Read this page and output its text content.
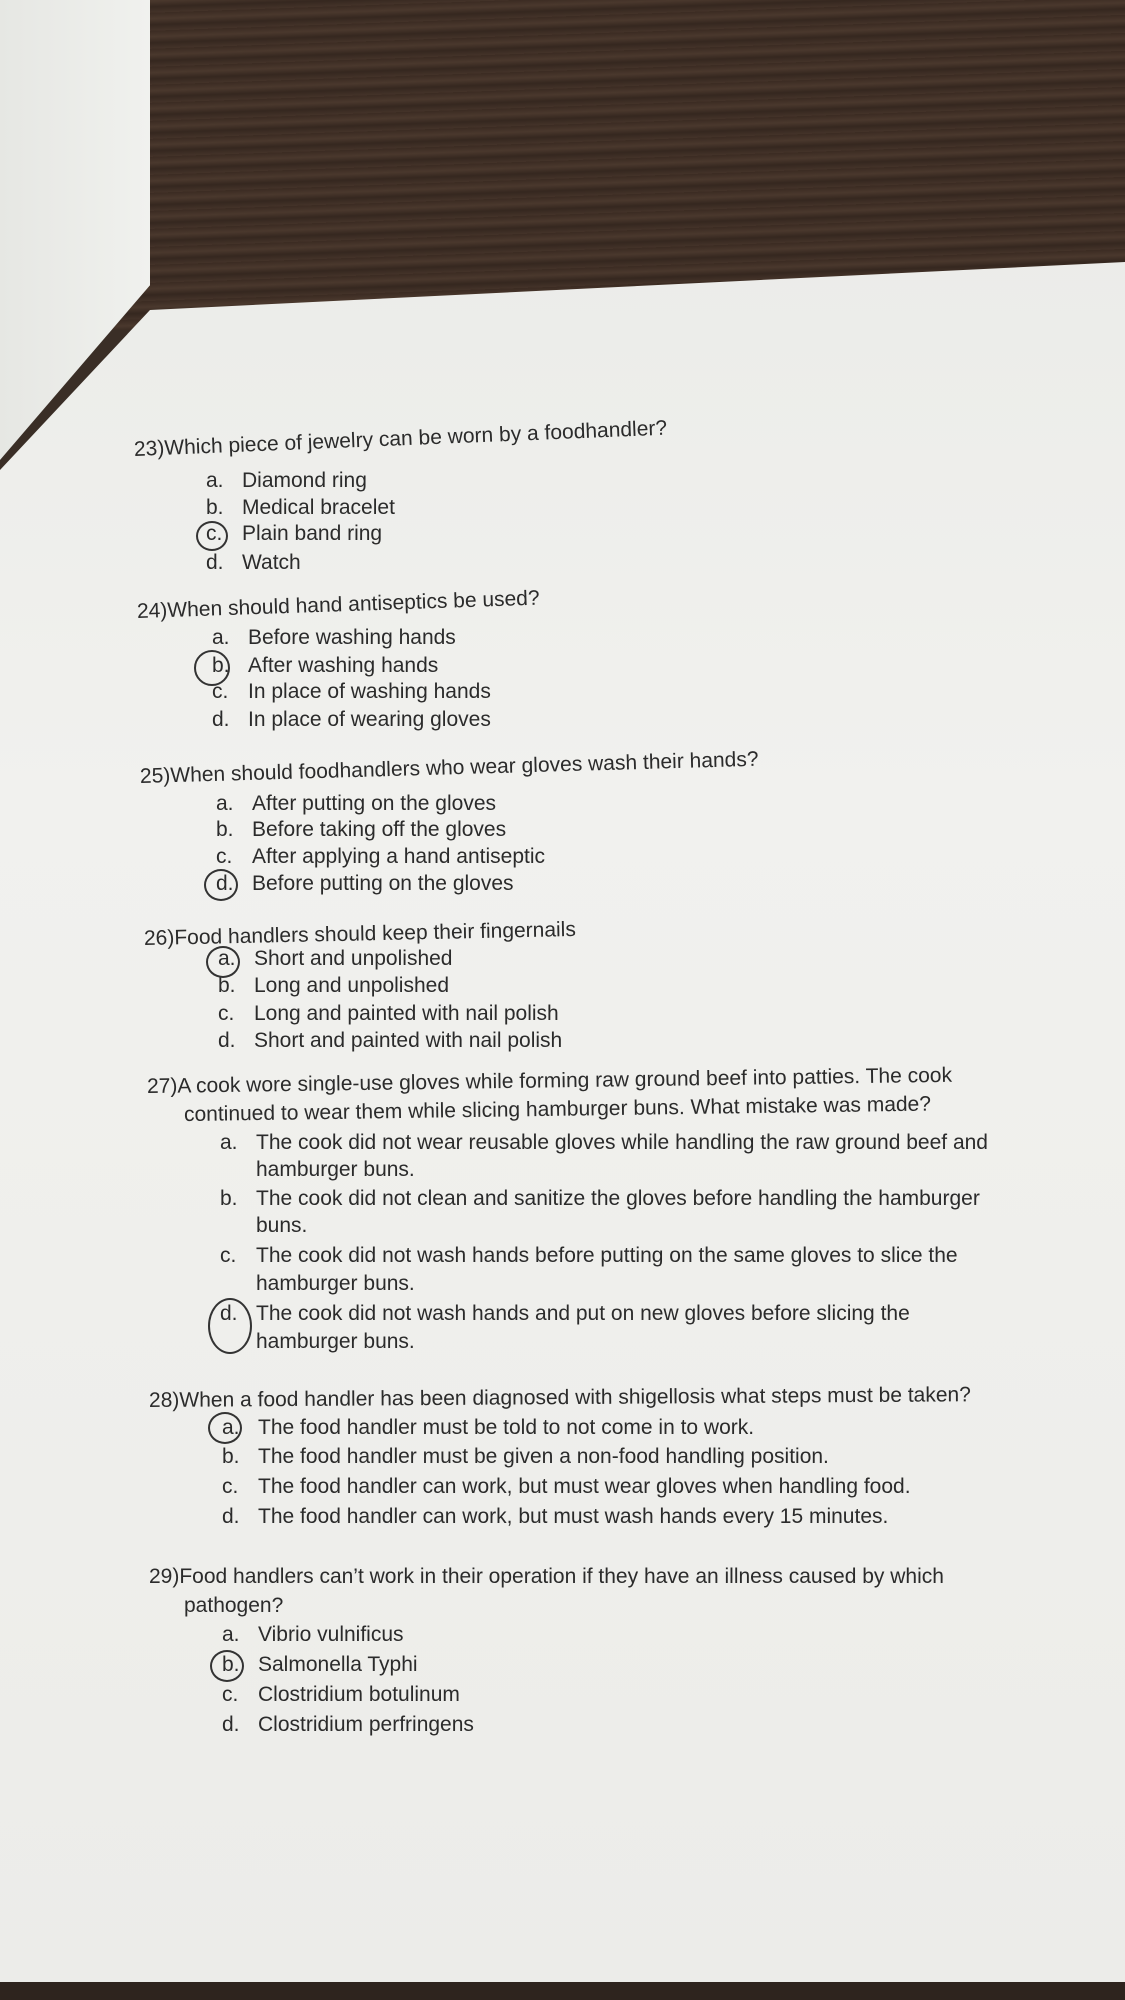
23)Which piece of jewelry can be worn by a foodhandler?
a. Diamond ring
b. Medical bracelet
c. Plain band ring
d. Watch
24)When should hand antiseptics be used?
a. Before washing hands
b. After washing hands
c. In place of washing hands
d. In place of wearing gloves
25)When should foodhandlers who wear gloves wash their hands?
a. After putting on the gloves
b. Before taking off the gloves
c. After applying a hand antiseptic
d. Before putting on the gloves
26)Food handlers should keep their fingernails
a. Short and unpolished
b. Long and unpolished
c. Long and painted with nail polish
d. Short and painted with nail polish
27)A cook wore single-use gloves while forming raw ground beef into patties. The cook
continued to wear them while slicing hamburger buns. What mistake was made?
a. The cook did not wear reusable gloves while handling the raw ground beef and
hamburger buns.
b. The cook did not clean and sanitize the gloves before handling the hamburger
buns.
c. The cook did not wash hands before putting on the same gloves to slice the
hamburger buns.
d. The cook did not wash hands and put on new gloves before slicing the
hamburger buns.
28)When a food handler has been diagnosed with shigellosis what steps must be taken?
a. The food handler must be told to not come in to work.
b. The food handler must be given a non-food handling position.
c. The food handler can work, but must wear gloves when handling food.
d. The food handler can work, but must wash hands every 15 minutes.
29)Food handlers can’t work in their operation if they have an illness caused by which
pathogen?
a. Vibrio vulnificus
b. Salmonella Typhi
c. Clostridium botulinum
d. Clostridium perfringens
